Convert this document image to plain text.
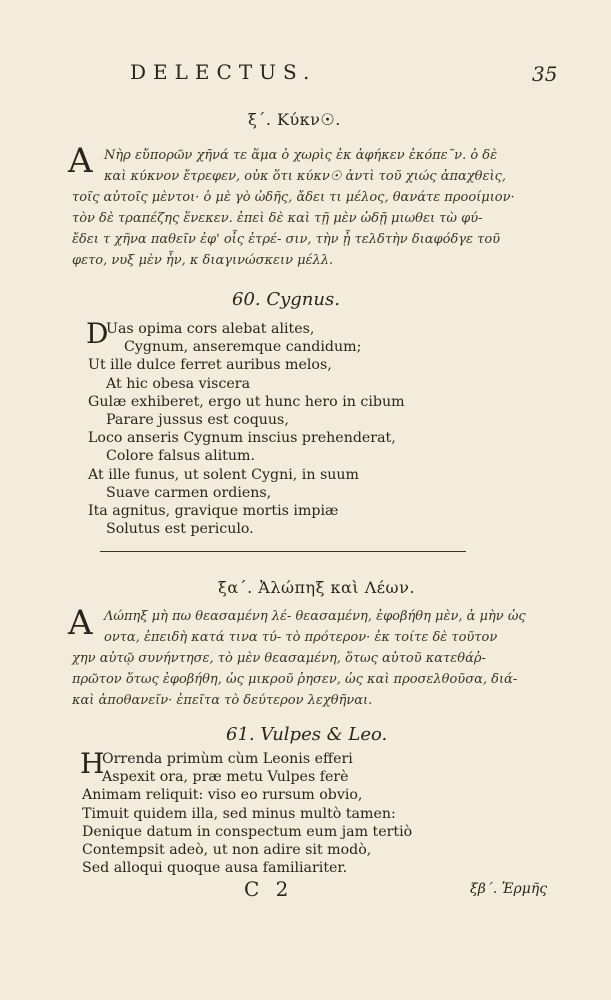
DELECTUS.	35
ξ΄. Κύκν☉.
Α Νὴρ εὔπορῶν χῆνά τε ἅμα ὁ χωρὶς ἐκ ἀφήκεν ἐκόπε῀ν. ὁ δὲ
καὶ κύκνον ἔτρεφεν, οὐκ ὅτι κύκν☉ ἀντὶ τοῦ χιώς ἀπαχθεὶς,
τοῖς αὐτοῖς μὲντοι· ὁ μὲ γὸ ὠδῆς, ἄδει τι μέλος, θανάτε προοίμιον·
τὸν δὲ τραπέζης ἕνεκεν. ἐπεὶ δὲ καὶ τῇ μὲν ὠδῇ μιωθει τὼ φύ-
ἔδει τ χῆνα παθεῖν ἐφ' οἷς ἐτρέ- σιν, τὴν ᾖ τελδτὴν διαφόδγε τοῦ
φετο, νυξ μὲν ἦν, κ διαγινώσκειν μέλλ.
60. Cygnus.
D
Uas opima cors alebat alites,
Cygnum, anseremque candidum;
Ut ille dulce ferret auribus melos,
At hic obesa viscera
Gulæ exhiberet, ergo ut hunc hero in cibum
Parare jussus est coquus,
Loco anseris Cygnum inscius prehenderat,
Colore falsus alitum.
At ille funus, ut solent Cygni, in suum
Suave carmen ordiens,
Ita agnitus, gravique mortis impiæ
Solutus est periculo.
ξα΄. Ἀλώπηξ καὶ Λέων.
Α Λώπηξ μὴ πω θεασαμένη λέ- θεασαμένη, ἐφοβήθη μὲν, ἀ μὴν ὡς
οντα, ἐπειδὴ κατά τινα τύ- τὸ πρότερον· ἐκ τοίτε δὲ τοῦτον
χην αὐτῷ συνήντησε, τὸ μὲν θεασαμένη, ὅτως αὐτοῦ κατεθάῤ-
πρῶτον ὅτως ἐφοβήθη, ὡς μικροῦ ῥησεν, ὡς καὶ προσελθοῦσα, διά-
καὶ ἀποθανεῖν· ἐπεῖτα τὸ δεύτερον λεχθῆναι.
61. Vulpes & Leo.
H
Orrenda primùm cùm Leonis efferi
Aspexit ora, præ metu Vulpes ferè
Animam reliquit: viso eo rursum obvio,
Timuit quidem illa, sed minus multò tamen:
Denique datum in conspectum eum jam tertiò
Contempsit adeò, ut non adire sit modò,
Sed alloqui quoque ausa familiariter.
C 2	ξβ΄. Ἑρμῆς
